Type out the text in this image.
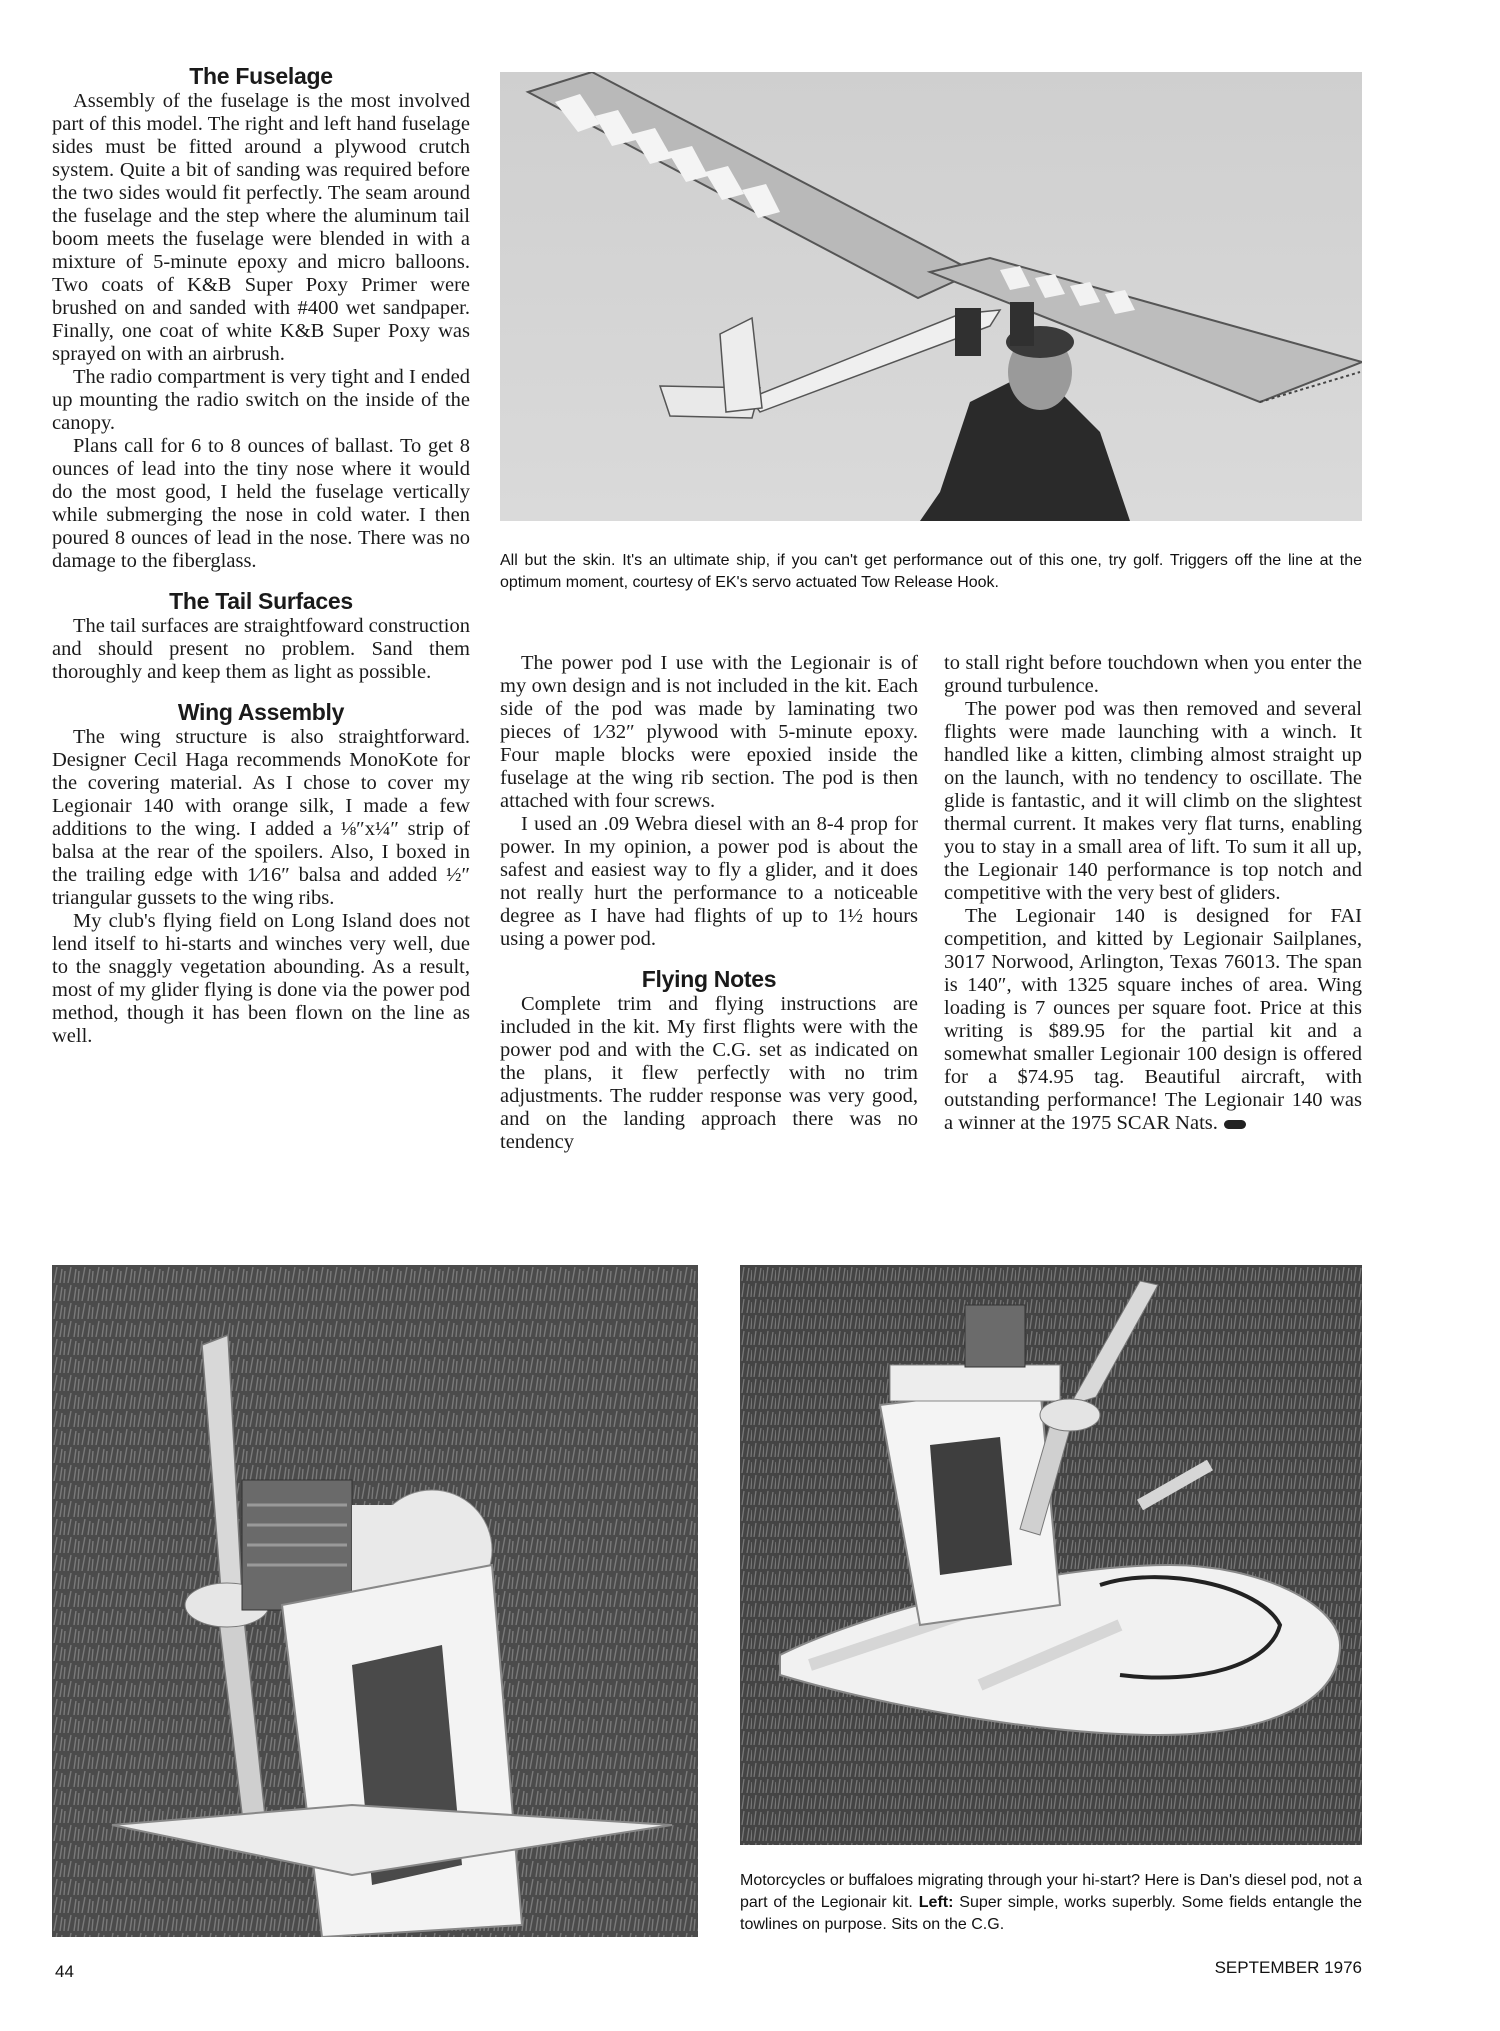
All but the skin. It's an ultimate ship, if you can't get performance out of this one, try golf. Triggers off the line at the optimum moment, courtesy of EK's servo actuated Tow Release Hook.
The Fuselage

Assembly of the fuselage is the most involved part of this model. The right and left hand fuselage sides must be fitted around a plywood crutch system. Quite a bit of sanding was required before the two sides would fit perfectly. The seam around the fuselage and the step where the aluminum tail boom meets the fuselage were blended in with a mixture of 5-minute epoxy and micro balloons. Two coats of K&B Super Poxy Primer were brushed on and sanded with #400 wet sandpaper. Finally, one coat of white K&B Super Poxy was sprayed on with an airbrush.

The radio compartment is very tight and I ended up mounting the radio switch on the inside of the canopy.

Plans call for 6 to 8 ounces of ballast. To get 8 ounces of lead into the tiny nose where it would do the most good, I held the fuselage vertically while submerging the nose in cold water. I then poured 8 ounces of lead in the nose. There was no damage to the fiberglass.

The Tail Surfaces

The tail surfaces are straightfoward construction and should present no problem. Sand them thoroughly and keep them as light as possible.

Wing Assembly

The wing structure is also straightforward. Designer Cecil Haga recommends MonoKote for the covering material. As I chose to cover my Legionair 140 with orange silk, I made a few additions to the wing. I added a ⅛″x¼″ strip of balsa at the rear of the spoilers. Also, I boxed in the trailing edge with 1⁄16″ balsa and added ½″ triangular gussets to the wing ribs.

My club's flying field on Long Island does not lend itself to hi-starts and winches very well, due to the snaggly vegetation abounding. As a result, most of my glider flying is done via the power pod method, though it has been flown on the line as well.

The power pod I use with the Legionair is of my own design and is not included in the kit. Each side of the pod was made by laminating two pieces of 1⁄32″ plywood with 5-minute epoxy. Four maple blocks were epoxied inside the fuselage at the wing rib section. The pod is then attached with four screws.

I used an .09 Webra diesel with an 8-4 prop for power. In my opinion, a power pod is about the safest and easiest way to fly a glider, and it does not really hurt the performance to a noticeable degree as I have had flights of up to 1½ hours using a power pod.

Flying Notes

Complete trim and flying instructions are included in the kit. My first flights were with the power pod and with the C.G. set as indicated on the plans, it flew perfectly with no trim adjustments. The rudder response was very good, and on the landing approach there was no tendency

to stall right before touchdown when you enter the ground turbulence.

The power pod was then removed and several flights were made launching with a winch. It handled like a kitten, climbing almost straight up on the launch, with no tendency to oscillate. The glide is fantastic, and it will climb on the slightest thermal current. It makes very flat turns, enabling you to stay in a small area of lift. To sum it all up, the Legionair 140 performance is top notch and competitive with the very best of gliders.

The Legionair 140 is designed for FAI competition, and kitted by Legionair Sailplanes, 3017 Norwood, Arlington, Texas 76013. The span is 140″, with 1325 square inches of area. Wing loading is 7 ounces per square foot. Price at this writing is $89.95 for the partial kit and a somewhat smaller Legionair 100 design is offered for a $74.95 tag. Beautiful aircraft, with outstanding performance! The Legionair 140 was a winner at the 1975 SCAR Nats.

Motorcycles or buffaloes migrating through your hi-start? Here is Dan's diesel pod, not a part of the Legionair kit. Left: Super simple, works superbly. Some fields entangle the towlines on purpose. Sits on the C.G.
44	SEPTEMBER 1976
